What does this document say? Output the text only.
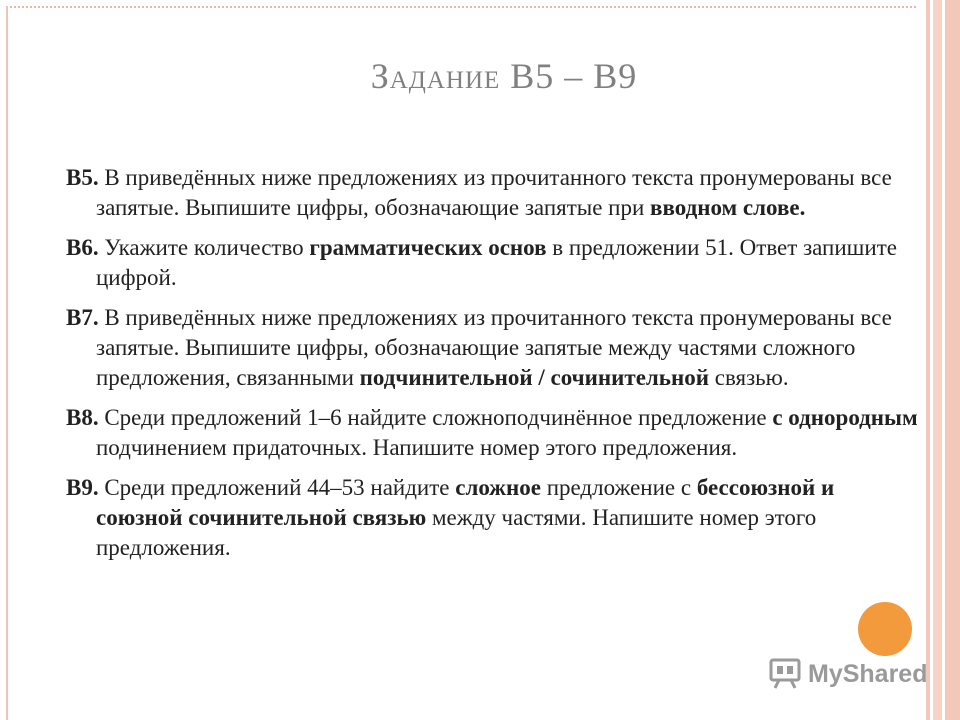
Задание В5 – В9
В5. В приведённых ниже предложениях из прочитанного текста пронумерованы все запятые. Выпишите цифры, обозначающие запятые при вводном слове.
В6. Укажите количество грамматических основ в предложении 51. Ответ запишите цифрой.
В7. В приведённых ниже предложениях из прочитанного текста пронумерованы все запятые. Выпишите цифры, обозначающие запятые между частями сложного предложения, связанными подчинительной / сочинительной связью.
В8. Среди предложений 1–6 найдите сложноподчинённое предложение с однородным подчинением придаточных. Напишите номер этого предложения.
В9. Среди предложений 44–53 найдите сложное предложение с бессоюзной и союзной сочинительной связью между частями. Напишите номер этого предложения.
MyShared
